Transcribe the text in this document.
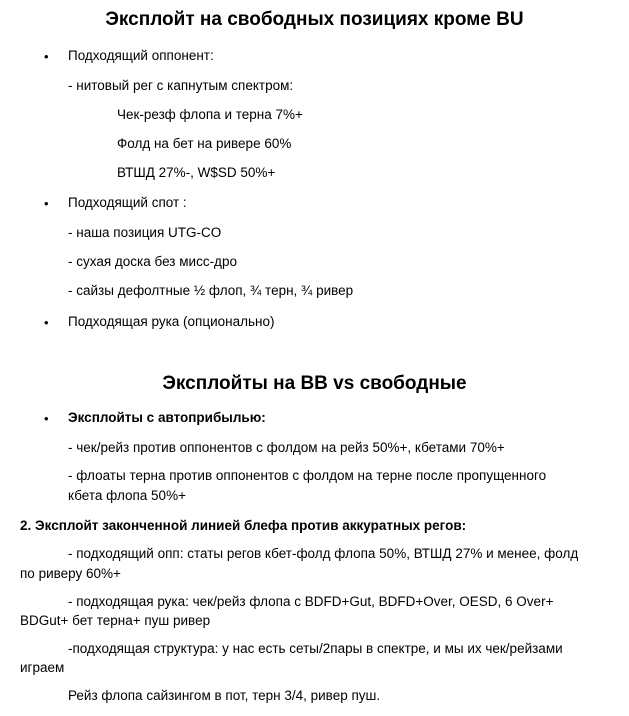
Эксплойт на свободных позициях кроме BU
• Подходящий оппонент:
- нитовый рег с капнутым спектром:
Чек-резф флопа и терна 7%+
Фолд на бет на ривере 60%
ВТШД 27%-, W$SD 50%+
• Подходящий спот :
- наша позиция UTG-CO
- сухая доска без мисс-дро
- сайзы дефолтные ½ флоп, ¾ терн, ¾ ривер
• Подходящая рука (опционально)
Эксплойты на BB vs свободные
• Эксплойты с автоприбылью:
- чек/рейз против оппонентов с фолдом на рейз 50%+, кбетами 70%+
- флоаты терна против оппонентов с фолдом на терне после пропущенного
кбета флопа 50%+
2. Эксплойт законченной линией блефа против аккуратных регов:
- подходящий опп: статы регов кбет-фолд флопа 50%, ВТШД 27% и менее, фолд
по риверу 60%+
- подходящая рука: чек/рейз флопа с BDFD+Gut, BDFD+Over, OESD, 6 Over+
BDGut+ бет терна+ пуш ривер
-подходящая структура: у нас есть сеты/2пары в спектре, и мы их чек/рейзами
играем
Рейз флопа сайзингом в пот, терн 3/4, ривер пуш.
